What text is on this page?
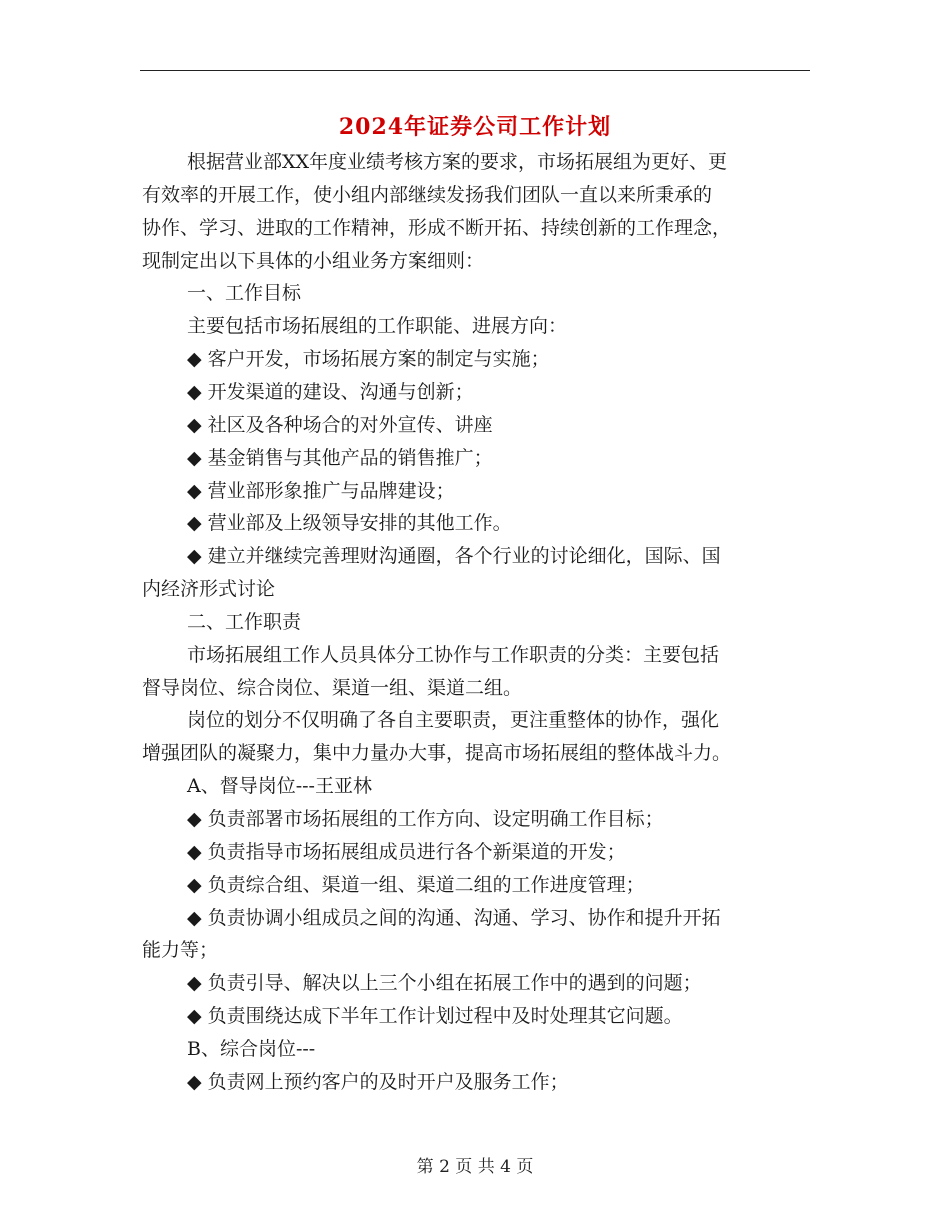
2024年证券公司工作计划
根据营业部XX年度业绩考核方案的要求，市场拓展组为更好、更
有效率的开展工作，使小组内部继续发扬我们团队一直以来所秉承的
协作、学习、进取的工作精神，形成不断开拓、持续创新的工作理念，
现制定出以下具体的小组业务方案细则：
一、工作目标
主要包括市场拓展组的工作职能、进展方向：
◆ 客户开发，市场拓展方案的制定与实施；
◆ 开发渠道的建设、沟通与创新；
◆ 社区及各种场合的对外宣传、讲座
◆ 基金销售与其他产品的销售推广；
◆ 营业部形象推广与品牌建设；
◆ 营业部及上级领导安排的其他工作。
◆ 建立并继续完善理财沟通圈，各个行业的讨论细化，国际、国
内经济形式讨论
二、工作职责
市场拓展组工作人员具体分工协作与工作职责的分类：主要包括
督导岗位、综合岗位、渠道一组、渠道二组。
岗位的划分不仅明确了各自主要职责，更注重整体的协作，强化
增强团队的凝聚力，集中力量办大事，提高市场拓展组的整体战斗力。
A、督导岗位---王亚林
◆ 负责部署市场拓展组的工作方向、设定明确工作目标；
◆ 负责指导市场拓展组成员进行各个新渠道的开发；
◆ 负责综合组、渠道一组、渠道二组的工作进度管理；
◆ 负责协调小组成员之间的沟通、沟通、学习、协作和提升开拓
能力等；
◆ 负责引导、解决以上三个小组在拓展工作中的遇到的问题；
◆ 负责围绕达成下半年工作计划过程中及时处理其它问题。
B、综合岗位---
◆ 负责网上预约客户的及时开户及服务工作；
第 2 页 共 4 页
